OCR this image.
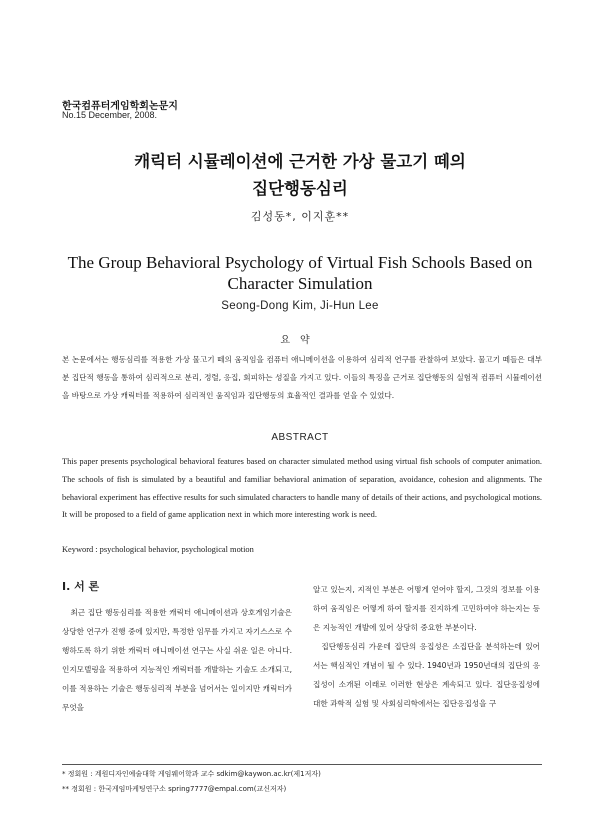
한국컴퓨터게임학회논문지
No.15 December, 2008.
캐릭터 시뮬레이션에 근거한 가상 물고기 떼의
집단행동심리
김성동*, 이지훈**
The Group Behavioral Psychology of Virtual Fish Schools Based on
Character Simulation
Seong-Dong Kim, Ji-Hun Lee
요약
본 논문에서는 행동심리를 적용한 가상 물고기 떼의 움직임을 컴퓨터 애니메이션을 이용하여 심리적 연구를 관찰하여 보았다. 물고기 떼들은 대부분 집단적 행동을 통하여 심리적으로 분리, 정렬, 응집, 회피하는 성질을 가지고 있다. 이들의 특징을 근거로 집단행동의 실험적 컴퓨터 시뮬레이션을 바탕으로 가상 캐릭터를 적용하여 심리적인 움직임과 집단행동의 효율적인 결과를 얻을 수 있었다.
ABSTRACT
This paper presents psychological behavioral features based on character simulated method using virtual fish schools of computer animation. The schools of fish is simulated by a beautiful and familiar behavioral animation of separation, avoidance, cohesion and alignments. The behavioral experiment has effective results for such simulated characters to handle many of details of their actions, and psychological motions. It will be proposed to a field of game application next in which more interesting work is need.
Keyword : psychological behavior, psychological motion
Ⅰ. 서 론

최근 집단 행동심리를 적용한 캐릭터 애니메이션과 상호게임기술은 상당한 연구가 진행 중에 있지만, 특정한 임무를 가지고 자기스스로 수행하도록 하기 위한 캐릭터 애니메이션 연구는 사실 쉬운 일은 아니다. 인지모델링을 적용하여 지능적인 캐릭터를 개발하는 기술도 소개되고, 이를 적용하는 기술은 행동심리적 부분을 넘어서는 일이지만 캐릭터가 무엇을

알고 있는지, 지적인 부분은 어떻게 얻어야 할지, 그것의 정보를 이용하여 움직임은 어떻게 하여 할지를 진지하게 고민하여야 하는지는 등은 지능적인 개발에 있어 상당히 중요한 부분이다.

집단행동심리 가운데 집단의 응집성은 소집단을 분석하는데 있어서는 핵심적인 개념이 될 수 있다. 1940년과 1950년대의 집단의 응집성이 소개된 이래로 이러한 현상은 계속되고 있다. 집단응집성에 대한 과학적 실험 및 사회심리학에서는 집단응집성을 구

* 정회원 : 계원디자인예술대학 게임웨어학과 교수 sdkim@kaywon.ac.kr(제1저자)
** 정회원 : 한국게임마케팅연구소 spring7777@empal.com(교신저자)
